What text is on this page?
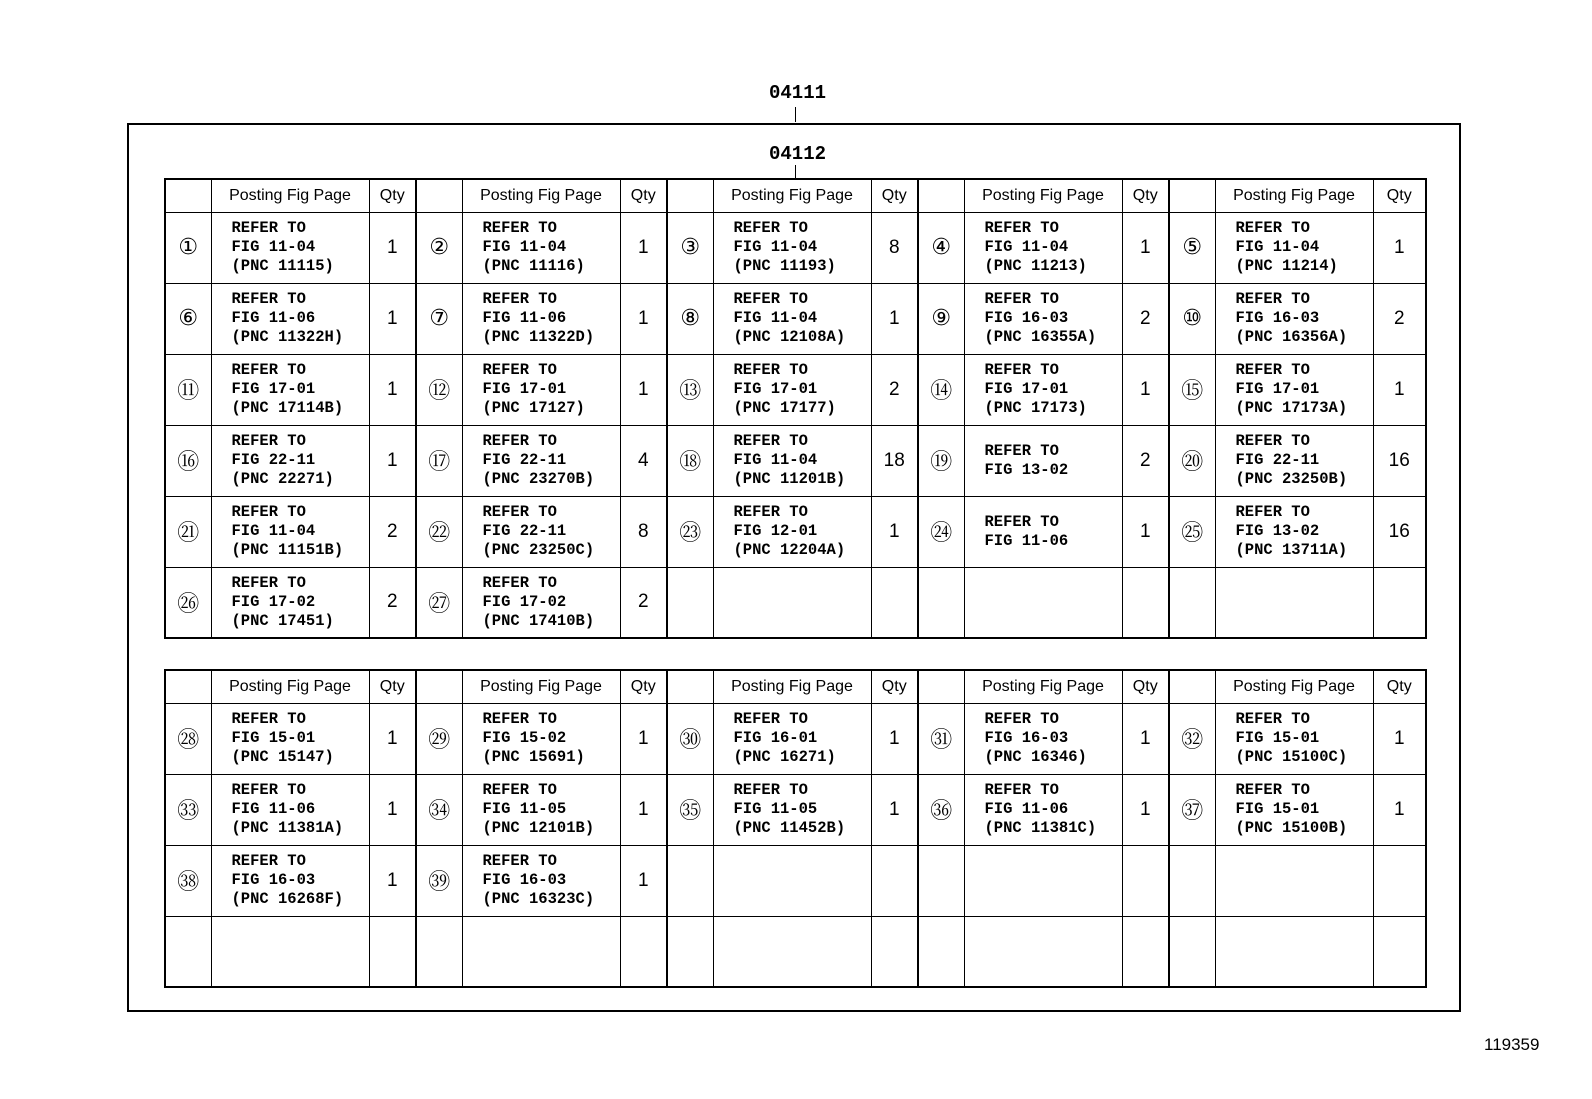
04111
04112
	Posting Fig Page	Qty		Posting Fig Page	Qty		Posting Fig Page	Qty		Posting Fig Page	Qty		Posting Fig Page	Qty
①	REFER TO
FIG 11-04
(PNC 11115)	1	②	REFER TO
FIG 11-04
(PNC 11116)	1	③	REFER TO
FIG 11-04
(PNC 11193)	8	④	REFER TO
FIG 11-04
(PNC 11213)	1	⑤	REFER TO
FIG 11-04
(PNC 11214)	1
⑥	REFER TO
FIG 11-06
(PNC 11322H)	1	⑦	REFER TO
FIG 11-06
(PNC 11322D)	1	⑧	REFER TO
FIG 11-04
(PNC 12108A)	1	⑨	REFER TO
FIG 16-03
(PNC 16355A)	2	⑩	REFER TO
FIG 16-03
(PNC 16356A)	2
⑪	REFER TO
FIG 17-01
(PNC 17114B)	1	⑫	REFER TO
FIG 17-01
(PNC 17127)	1	⑬	REFER TO
FIG 17-01
(PNC 17177)	2	⑭	REFER TO
FIG 17-01
(PNC 17173)	1	⑮	REFER TO
FIG 17-01
(PNC 17173A)	1
⑯	REFER TO
FIG 22-11
(PNC 22271)	1	⑰	REFER TO
FIG 22-11
(PNC 23270B)	4	⑱	REFER TO
FIG 11-04
(PNC 11201B)	18	⑲	REFER TO
FIG 13-02	2	⑳	REFER TO
FIG 22-11
(PNC 23250B)	16
㉑	REFER TO
FIG 11-04
(PNC 11151B)	2	㉒	REFER TO
FIG 22-11
(PNC 23250C)	8	㉓	REFER TO
FIG 12-01
(PNC 12204A)	1	㉔	REFER TO
FIG 11-06	1	㉕	REFER TO
FIG 13-02
(PNC 13711A)	16
㉖	REFER TO
FIG 17-02
(PNC 17451)	2	㉗	REFER TO
FIG 17-02
(PNC 17410B)	2		

	Posting Fig Page	Qty		Posting Fig Page	Qty		Posting Fig Page	Qty		Posting Fig Page	Qty		Posting Fig Page	Qty
㉘	REFER TO
FIG 15-01
(PNC 15147)	1	㉙	REFER TO
FIG 15-02
(PNC 15691)	1	㉚	REFER TO
FIG 16-01
(PNC 16271)	1	㉛	REFER TO
FIG 16-03
(PNC 16346)	1	㉜	REFER TO
FIG 15-01
(PNC 15100C)	1
㉝	REFER TO
FIG 11-06
(PNC 11381A)	1	㉞	REFER TO
FIG 11-05
(PNC 12101B)	1	㉟	REFER TO
FIG 11-05
(PNC 11452B)	1	㊱	REFER TO
FIG 11-06
(PNC 11381C)	1	㊲	REFER TO
FIG 15-01
(PNC 15100B)	1
㊳	REFER TO
FIG 16-03
(PNC 16268F)	1	㊴	REFER TO
FIG 16-03
(PNC 16323C)	1		

119359
